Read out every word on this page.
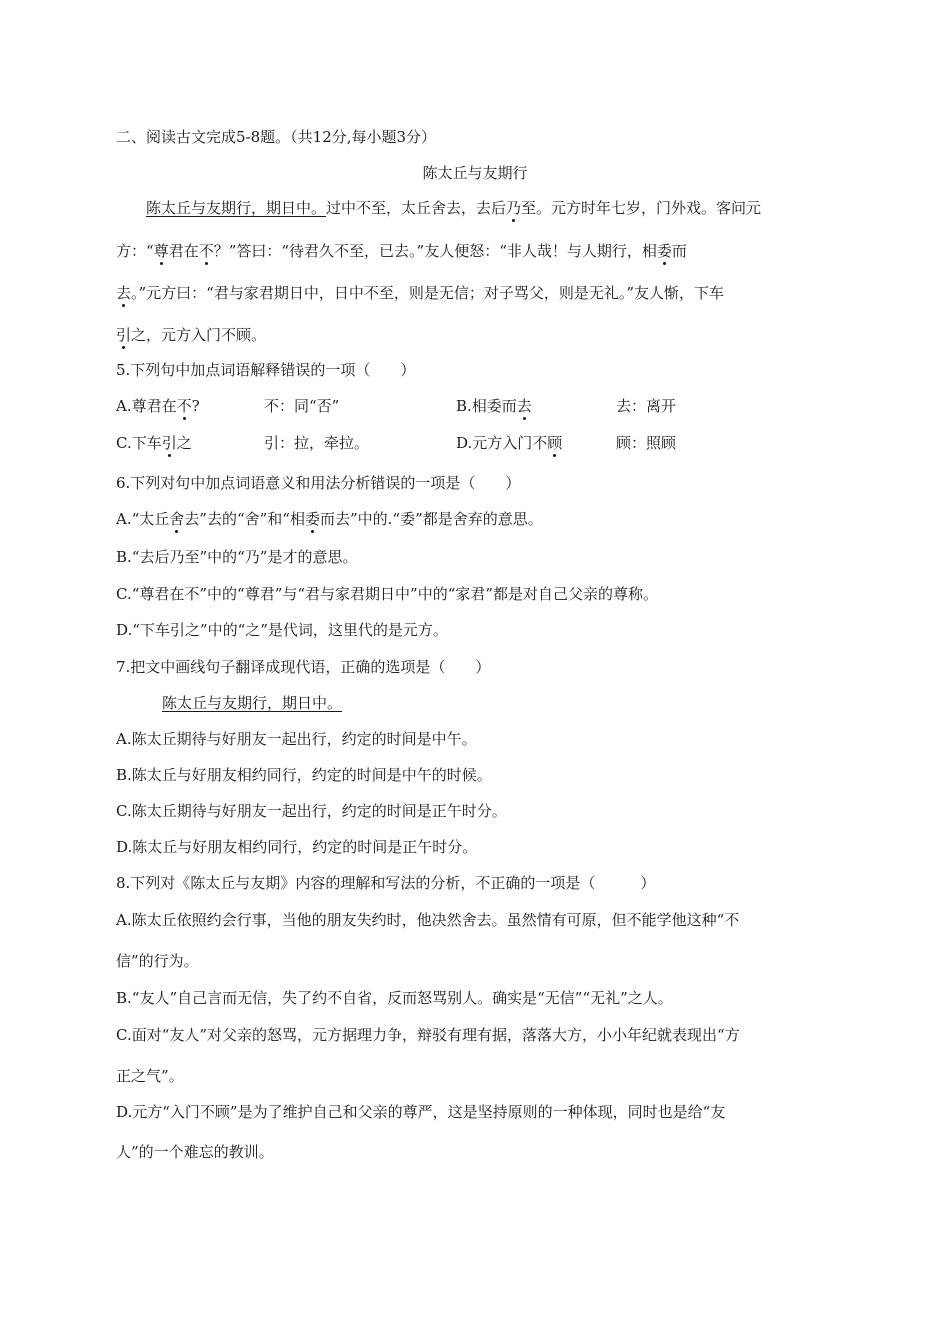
二、阅读古文完成5-8题。（共12分,每小题3分）
陈太丘与友期行
陈太丘与友期行，期日中。过中不至，太丘舍去，去后乃至。元方时年七岁，门外戏。客问元
方：“尊君在不？”答曰：“待君久不至，已去。”友人便怒：“非人哉！与人期行，相委而
去。”元方曰：“君与家君期日中，日中不至，则是无信；对子骂父，则是无礼。”友人惭，下车
引之，元方入门不顾。
5.下列句中加点词语解释错误的一项（　　）
A.尊君在不?	不：同“否”	B.相委而去	去：离开
C.下车引之	引：拉，牵拉。	D.元方入门不顾	顾：照顾
6.下列对句中加点词语意义和用法分析错误的一项是（　　）
A.“太丘舍去”去的“舍”和“相委而去”中的.“委”都是舍弃的意思。
B.“去后乃至”中的“乃”是才的意思。
C.“尊君在不”中的“尊君”与“君与家君期日中”中的“家君”都是对自己父亲的尊称。
D.“下车引之”中的“之”是代词，这里代的是元方。
7.把文中画线句子翻译成现代语，正确的选项是（　　）
陈太丘与友期行，期日中。
A.陈太丘期待与好朋友一起出行，约定的时间是中午。
B.陈太丘与好朋友相约同行，约定的时间是中午的时候。
C.陈太丘期待与好朋友一起出行，约定的时间是正午时分。
D.陈太丘与好朋友相约同行，约定的时间是正午时分。
8.下列对《陈太丘与友期》内容的理解和写法的分析，不正确的一项是（　　　）
A.陈太丘依照约会行事，当他的朋友失约时，他决然舍去。虽然情有可原，但不能学他这种“不
信”的行为。
B.“友人”自己言而无信，失了约不自省，反而怒骂别人。确实是“无信”“无礼”之人。
C.面对“友人”对父亲的怒骂，元方据理力争，辩驳有理有据，落落大方，小小年纪就表现出“方
正之气”。
D.元方“入门不顾”是为了维护自己和父亲的尊严，这是坚持原则的一种体现，同时也是给“友
人”的一个难忘的教训。
